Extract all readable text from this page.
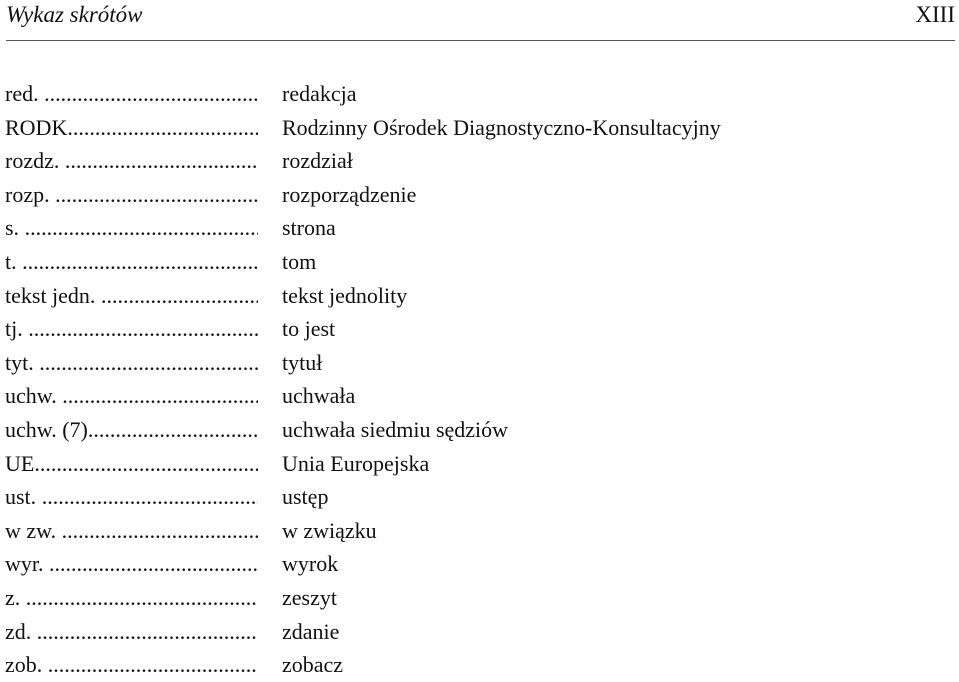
Wykaz skrótów	XIII
red. .....	redakcja
RODK .....	Rodzinny Ośrodek Diagnostyczno-Konsultacyjny
rozdz. .....	rozdział
rozp. .....	rozporządzenie
s. .....	strona
t. .....	tom
tekst jedn. .....	tekst jednolity
tj. .....	to jest
tyt. .....	tytuł
uchw. .....	uchwała
uchw. (7) .....	uchwała siedmiu sędziów
UE .....	Unia Europejska
ust. .....	ustęp
w zw. .....	w związku
wyr. .....	wyrok
z. .....	zeszyt
zd. .....	zdanie
zob. .....	zobacz
